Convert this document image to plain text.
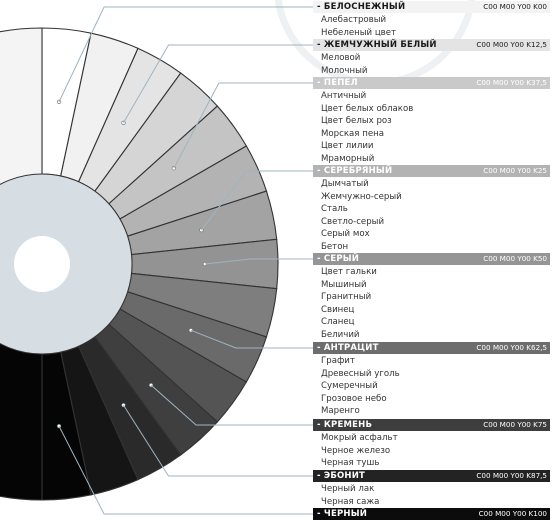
- БЕЛОСНЕЖНЫЙ	C00 M00 Y00 K00
Алебастровый
Небеленый цвет
- ЖЕМЧУЖНЫЙ БЕЛЫЙ	C00 M00 Y00 K12,5
Меловой
Молочный
- ПЕПЕЛ	C00 M00 Y00 K37,5
Античный
Цвет белых облаков
Цвет белых роз
Морская пена
Цвет лилии
Мраморный
- СЕРЕБРЯНЫЙ	C00 M00 Y00 K25
Дымчатый
Жемчужно-серый
Сталь
Светло-серый
Серый мох
Бетон
- СЕРЫЙ	C00 M00 Y00 K50
Цвет гальки
Мышиный
Гранитный
Свинец
Сланец
Беличий
- АНТРАЦИТ	C00 M00 Y00 K62,5
Графит
Древесный уголь
Сумеречный
Грозовое небо
Маренго
- КРЕМЕНЬ	C00 M00 Y00 K75
Мокрый асфальт
Черное железо
Черная тушь
- ЭБОНИТ	C00 M00 Y00 K87,5
Черный лак
Черная сажа
- ЧЕРНЫЙ	C00 M00 Y00 K100
